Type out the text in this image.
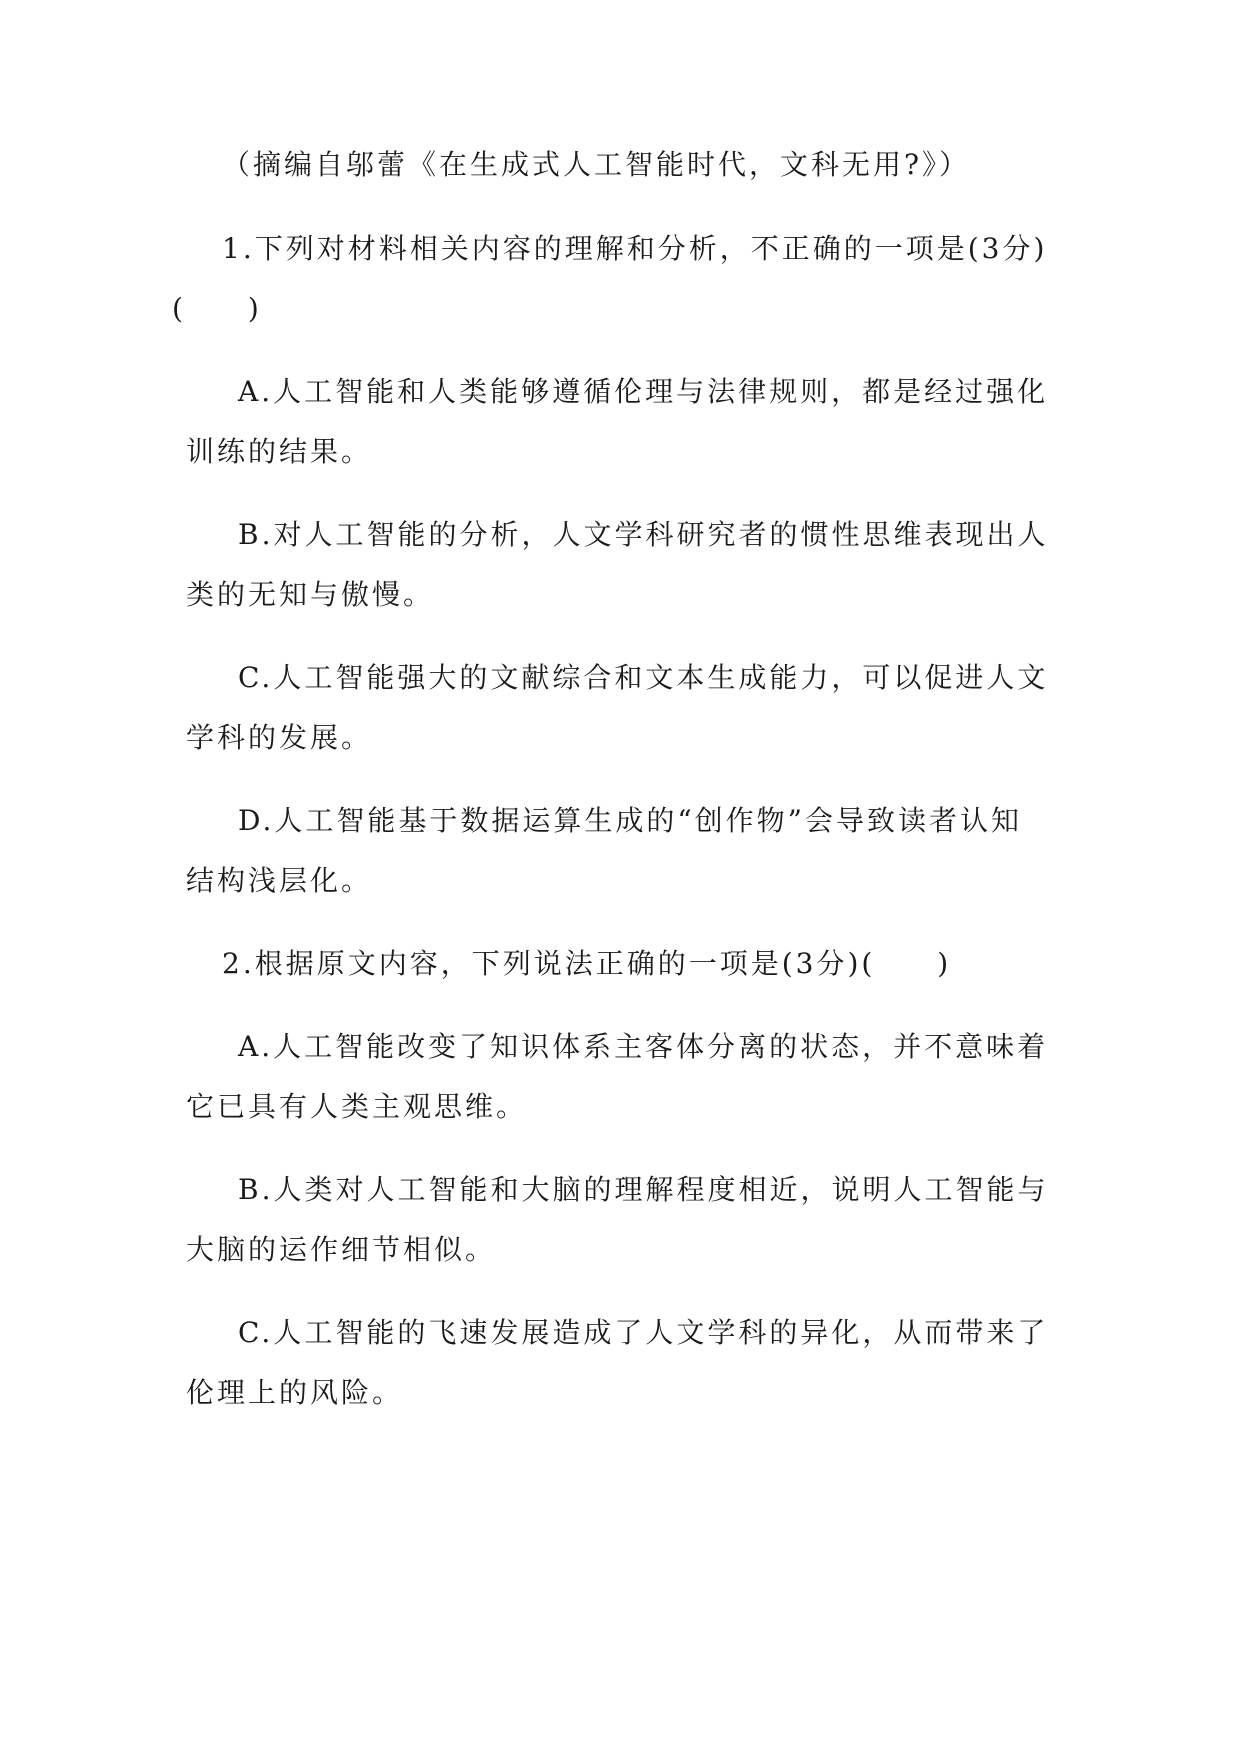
（摘编自邬蕾《在生成式人工智能时代，文科无用?》）
1.下列对材料相关内容的理解和分析，不正确的一项是(3分)
(　　)
A.人工智能和人类能够遵循伦理与法律规则，都是经过强化
训练的结果。
B.对人工智能的分析，人文学科研究者的惯性思维表现出人
类的无知与傲慢。
C.人工智能强大的文献综合和文本生成能力，可以促进人文
学科的发展。
D.人工智能基于数据运算生成的“创作物”会导致读者认知
结构浅层化。
2.根据原文内容，下列说法正确的一项是(3分)(　　)
A.人工智能改变了知识体系主客体分离的状态，并不意味着
它已具有人类主观思维。
B.人类对人工智能和大脑的理解程度相近，说明人工智能与
大脑的运作细节相似。
C.人工智能的飞速发展造成了人文学科的异化，从而带来了
伦理上的风险。
